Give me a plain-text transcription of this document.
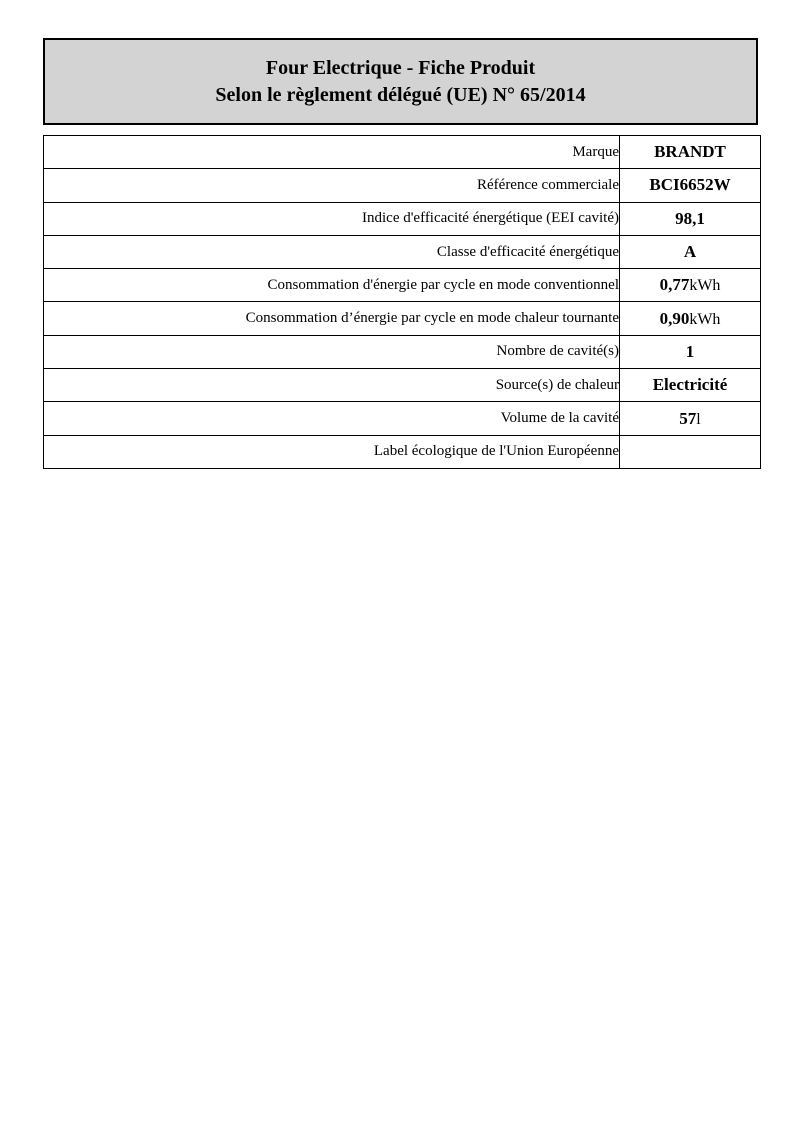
Four Electrique - Fiche Produit
Selon le règlement délégué (UE) N° 65/2014
Marque	BRANDT
Référence commerciale	BCI6652W
Indice d'efficacité énergétique (EEI cavité)	98,1
Classe d'efficacité énergétique	A
Consommation d'énergie par cycle en mode conventionnel	0,77kWh
Consommation d’énergie par cycle en mode chaleur tournante	0,90kWh
Nombre de cavité(s)	1
Source(s) de chaleur	Electricité
Volume de la cavité	57l
Label écologique de l'Union Européenne	
